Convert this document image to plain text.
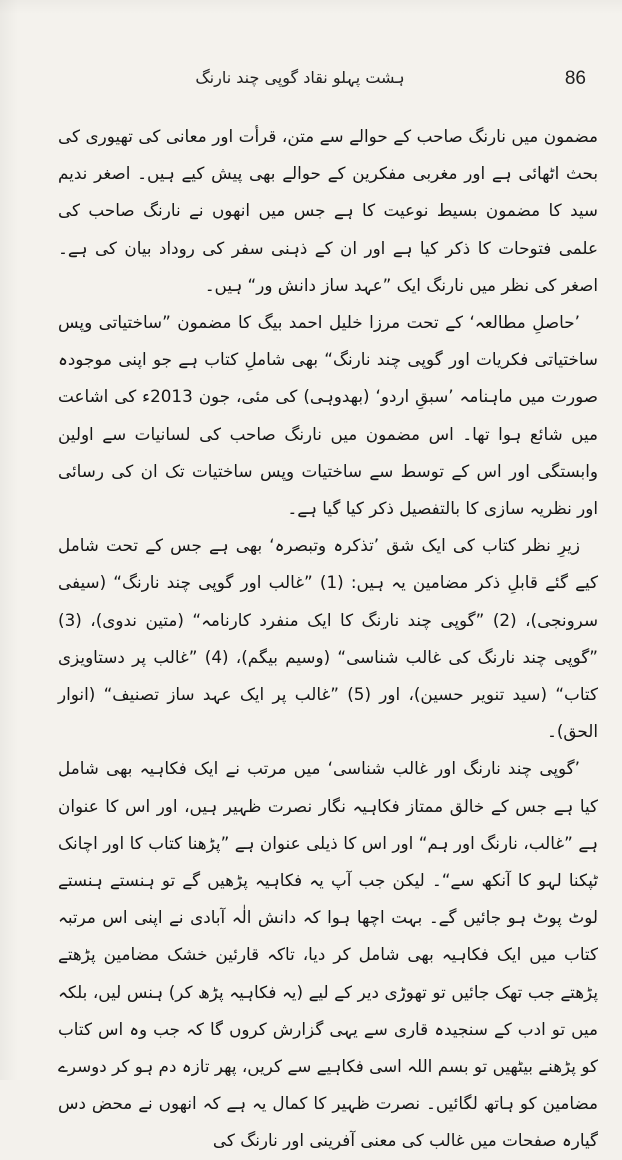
86
ہشت پہلو نقاد گوپی چند نارنگ

مضمون میں نارنگ صاحب کے حوالے سے متن، قرأت اور معانی کی تھیوری کی بحث اٹھائی ہے اور مغربی مفکرین کے حوالے بھی پیش کیے ہیں۔ اصغر ندیم سید کا مضمون بسیط نوعیت کا ہے جس میں انھوں نے نارنگ صاحب کی علمی فتوحات کا ذکر کیا ہے اور ان کے ذہنی سفر کی روداد بیان کی ہے۔ اصغر کی نظر میں نارنگ ایک ”عہد ساز دانش ور“ ہیں۔

’حاصلِ مطالعہ‘ کے تحت مرزا خلیل احمد بیگ کا مضمون ”ساختیاتی وپس ساختیاتی فکریات اور گوپی چند نارنگ“ بھی شاملِ کتاب ہے جو اپنی موجودہ صورت میں ماہنامہ ’سبقِ اردو‘ (بھدوہی) کی مئی، جون 2013ء کی اشاعت میں شائع ہوا تھا۔ اس مضمون میں نارنگ صاحب کی لسانیات سے اولین وابستگی اور اس کے توسط سے ساختیات وپس ساختیات تک ان کی رسائی اور نظریہ سازی کا بالتفصیل ذکر کیا گیا ہے۔

زیرِ نظر کتاب کی ایک شق ’تذکرہ وتبصرہ‘ بھی ہے جس کے تحت شامل کیے گئے قابلِ ذکر مضامین یہ ہیں: (1) ”غالب اور گوپی چند نارنگ“ (سیفی سرونجی)، (2) ”گوپی چند نارنگ کا ایک منفرد کارنامہ“ (متین ندوی)، (3) ”گوپی چند نارنگ کی غالب شناسی“ (وسیم بیگم)، (4) ”غالب پر دستاویزی کتاب“ (سید تنویر حسین)، اور (5) ”غالب پر ایک عہد ساز تصنیف“ (انوار الحق)۔

’گوپی چند نارنگ اور غالب شناسی‘ میں مرتب نے ایک فکاہیہ بھی شامل کیا ہے جس کے خالق ممتاز فکاہیہ نگار نصرت ظہیر ہیں، اور اس کا عنوان ہے ”غالب، نارنگ اور ہم“ اور اس کا ذیلی عنوان ہے ”پڑھنا کتاب کا اور اچانک ٹپکنا لہو کا آنکھ سے“۔ لیکن جب آپ یہ فکاہیہ پڑھیں گے تو ہنستے ہنستے لوٹ پوٹ ہو جائیں گے۔ بہت اچھا ہوا کہ دانش الٰہ آبادی نے اپنی اس مرتبہ کتاب میں ایک فکاہیہ بھی شامل کر دیا، تاکہ قارئین خشک مضامین پڑھتے پڑھتے جب تھک جائیں تو تھوڑی دیر کے لیے (یہ فکاہیہ پڑھ کر) ہنس لیں، بلکہ میں تو ادب کے سنجیدہ قاری سے یہی گزارش کروں گا کہ جب وہ اس کتاب کو پڑھنے بیٹھیں تو بسم اللہ اسی فکاہیے سے کریں، پھر تازہ دم ہو کر دوسرے مضامین کو ہاتھ لگائیں۔ نصرت ظہیر کا کمال یہ ہے کہ انھوں نے محض دس گیارہ صفحات میں غالب کی معنی آفرینی اور نارنگ کی
